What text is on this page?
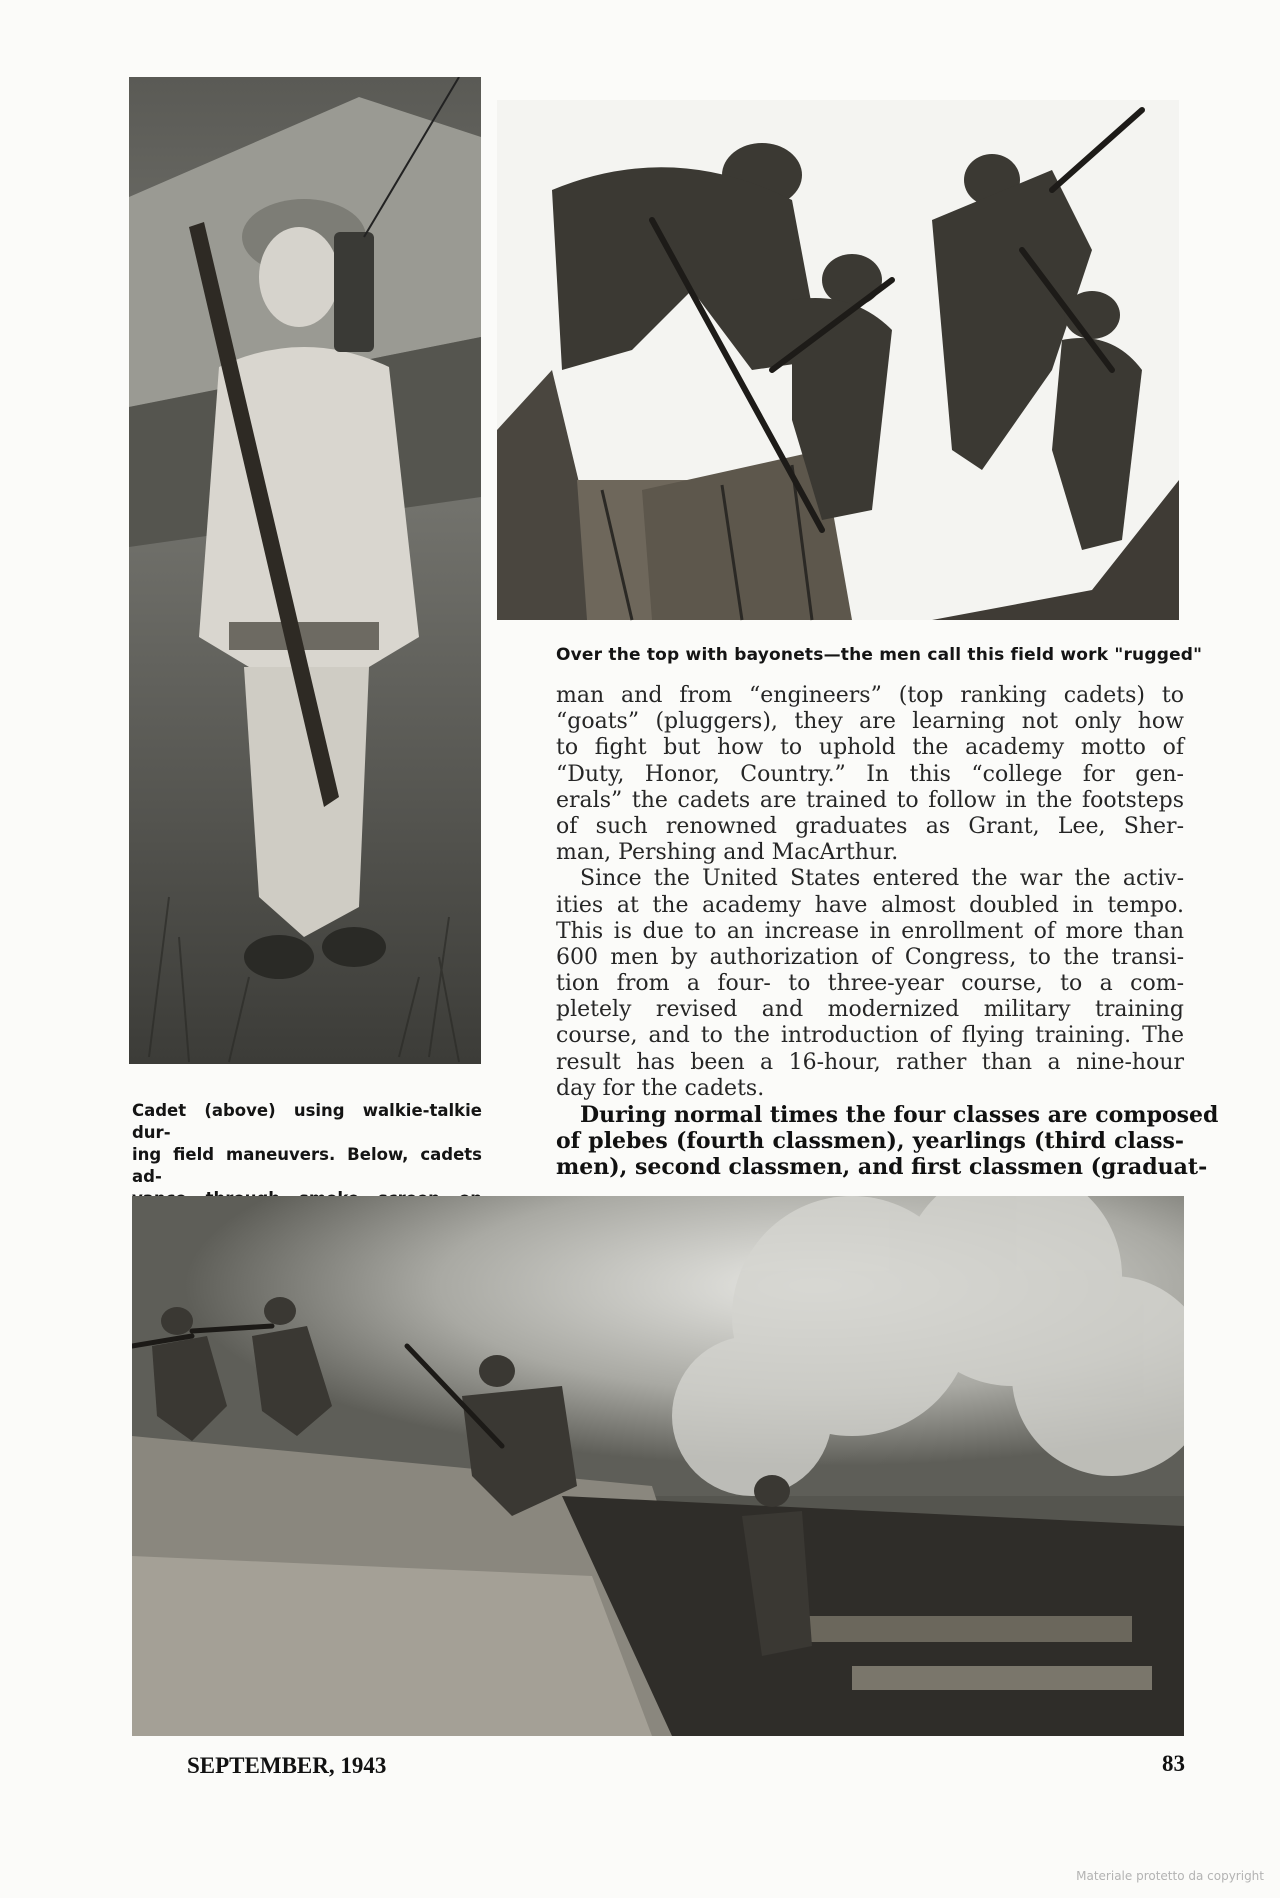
Over the top with bayonets—the men call this field work "rugged"
Cadet (above) using walkie-talkie dur-
ing field maneuvers. Below, cadets ad-
man and from “engineers” (top ranking cadets) to
“goats” (pluggers), they are learning not only how
to fight but how to uphold the academy motto of
“Duty, Honor, Country.” In this “college for gen-
erals” the cadets are trained to follow in the footsteps
of such renowned graduates as Grant, Lee, Sher-
man, Pershing and MacArthur.
Since the United States entered the war the activ-
ities at the academy have almost doubled in tempo.
This is due to an increase in enrollment of more than
600 men by authorization of Congress, to the transi-
tion from a four- to three-year course, to a com-
pletely revised and modernized military training
course, and to the introduction of flying training. The
result has been a 16-hour, rather than a nine-hour
day for the cadets.
During normal times the four classes are composed
of plebes (fourth classmen), yearlings (third class-
men), second classmen, and first classmen (graduat-
SEPTEMBER, 1943	83
Materiale protetto da copyright
